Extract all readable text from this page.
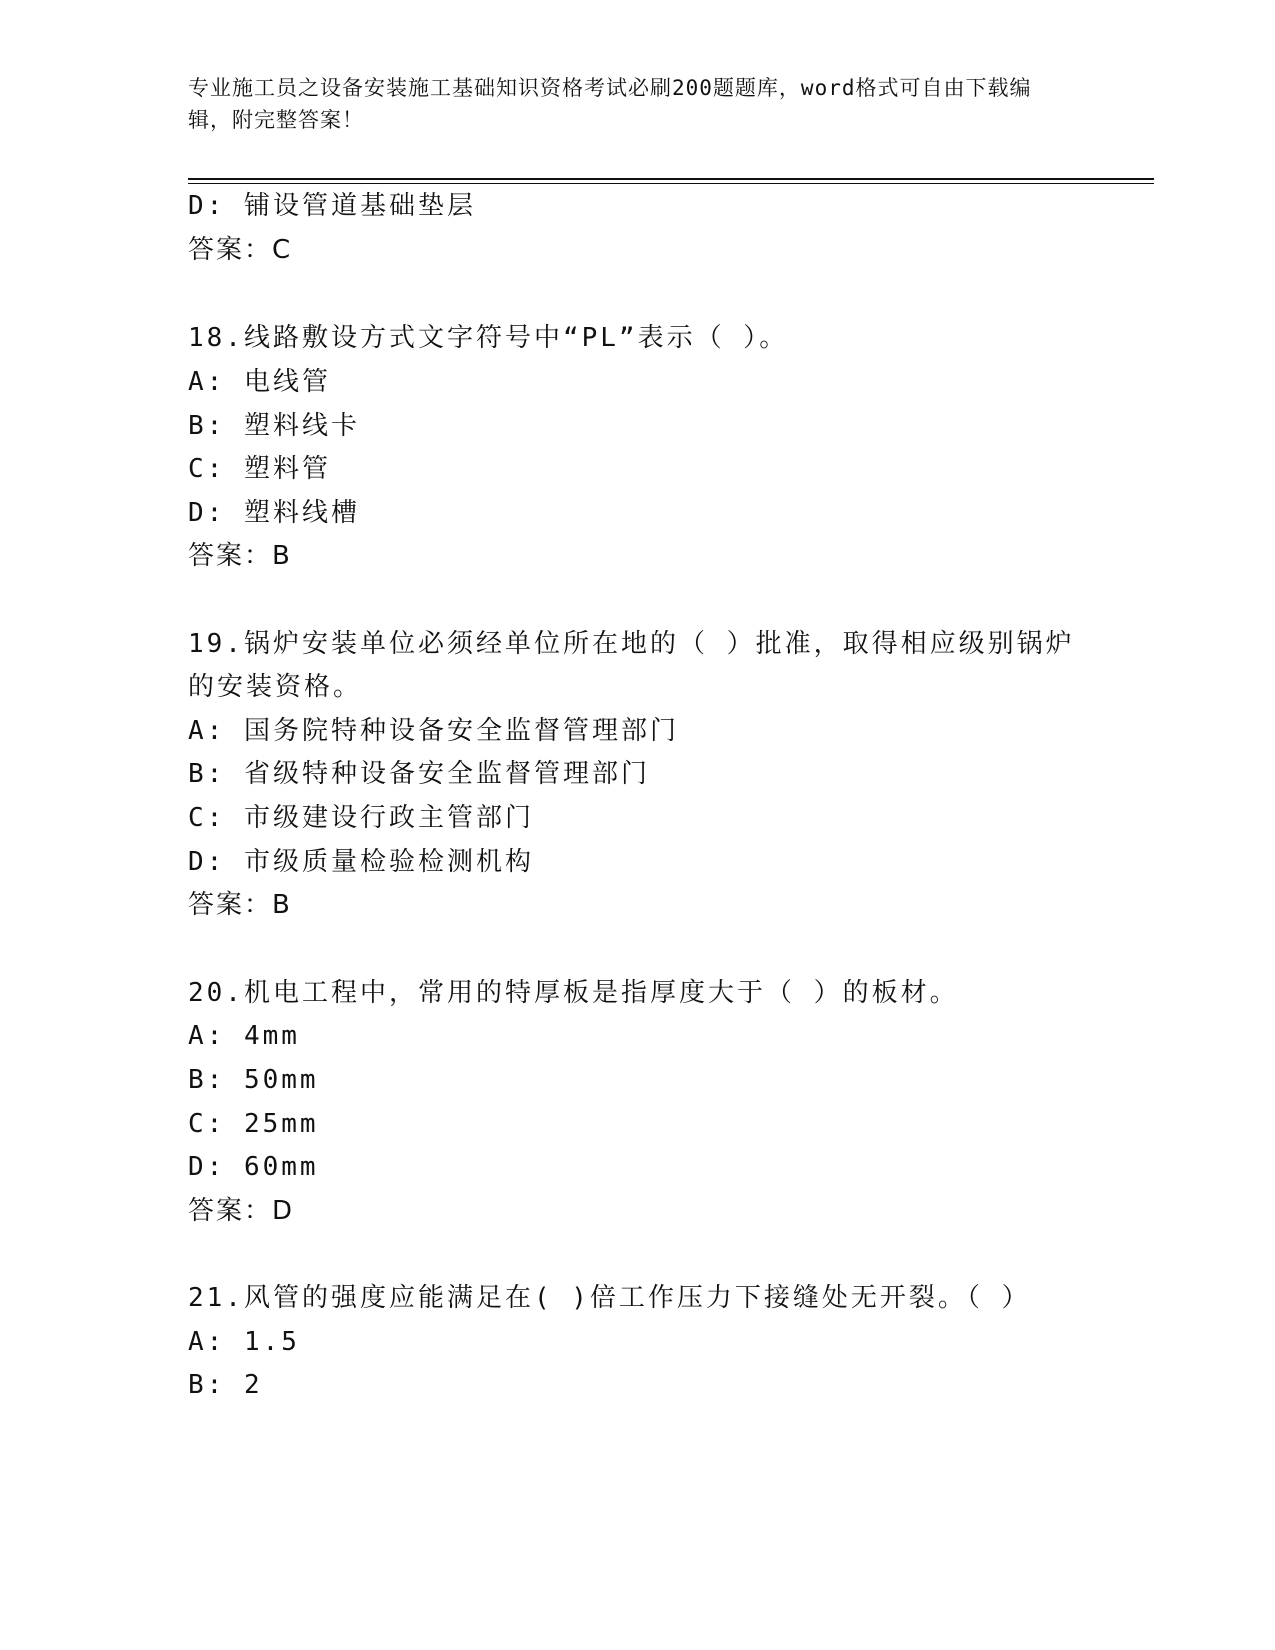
专业施工员之设备安装施工基础知识资格考试必刷200题题库，word格式可自由下载编辑，附完整答案！
D: 铺设管道基础垫层
答案：C
18.线路敷设方式文字符号中“PL”表示（ ）。
A: 电线管
B: 塑料线卡
C: 塑料管
D: 塑料线槽
答案：B
19.锅炉安装单位必须经单位所在地的（ ）批准，取得相应级别锅炉
的安装资格。
A: 国务院特种设备安全监督管理部门
B: 省级特种设备安全监督管理部门
C: 市级建设行政主管部门
D: 市级质量检验检测机构
答案：B
20.机电工程中，常用的特厚板是指厚度大于（ ）的板材。
A: 4mm
B: 50mm
C: 25mm
D: 60mm
答案：D
21.风管的强度应能满足在( )倍工作压力下接缝处无开裂。（ ）
A: 1.5
B: 2
